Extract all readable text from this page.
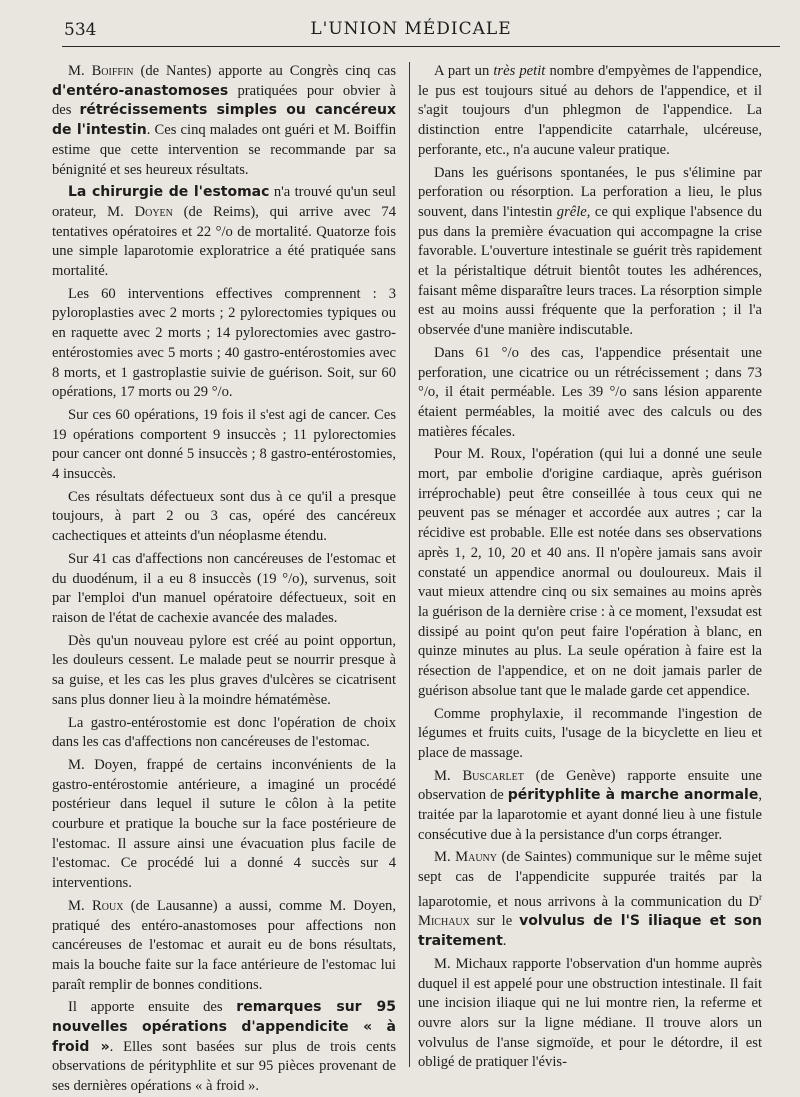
534	L'UNION MÉDICALE

M. Boiffin (de Nantes) apporte au Congrès cinq cas d'entéro-anastomoses pratiquées pour obvier à des rétrécissements simples ou cancéreux de l'intestin. Ces cinq malades ont guéri et M. Boiffin estime que cette intervention se recommande par sa bénignité et ses heureux résultats.

La chirurgie de l'estomac n'a trouvé qu'un seul orateur, M. Doyen (de Reims), qui arrive avec 74 tentatives opératoires et 22 °/o de mortalité. Quatorze fois une simple laparotomie exploratrice a été pratiquée sans mortalité.

Les 60 interventions effectives comprennent : 3 pyloroplasties avec 2 morts ; 2 pylorectomies typiques ou en raquette avec 2 morts ; 14 pylorectomies avec gastro-entérostomies avec 5 morts ; 40 gastro-entérostomies avec 8 morts, et 1 gastroplastie suivie de guérison. Soit, sur 60 opérations, 17 morts ou 29 °/o.

Sur ces 60 opérations, 19 fois il s'est agi de cancer. Ces 19 opérations comportent 9 insuccès ; 11 pylorectomies pour cancer ont donné 5 insuccès ; 8 gastro-entérostomies, 4 insuccès.

Ces résultats défectueux sont dus à ce qu'il a presque toujours, à part 2 ou 3 cas, opéré des cancéreux cachectiques et atteints d'un néoplasme étendu.

Sur 41 cas d'affections non cancéreuses de l'estomac et du duodénum, il a eu 8 insuccès (19 °/o), survenus, soit par l'emploi d'un manuel opératoire défectueux, soit en raison de l'état de cachexie avancée des malades.

Dès qu'un nouveau pylore est créé au point opportun, les douleurs cessent. Le malade peut se nourrir presque à sa guise, et les cas les plus graves d'ulcères se cicatrisent sans plus donner lieu à la moindre hématémèse.

La gastro-entérostomie est donc l'opération de choix dans les cas d'affections non cancéreuses de l'estomac.

M. Doyen, frappé de certains inconvénients de la gastro-entérostomie antérieure, a imaginé un procédé postérieur dans lequel il suture le côlon à la petite courbure et pratique la bouche sur la face postérieure de l'estomac. Il assure ainsi une évacuation plus facile de l'estomac. Ce procédé lui a donné 4 succès sur 4 interventions.

M. Roux (de Lausanne) a aussi, comme M. Doyen, pratiqué des entéro-anastomoses pour affections non cancéreuses de l'estomac et aurait eu de bons résultats, mais la bouche faite sur la face antérieure de l'estomac lui paraît remplir de bonnes conditions.

Il apporte ensuite des remarques sur 95 nouvelles opérations d'appendicite « à froid ». Elles sont basées sur plus de trois cents observations de pérityphlite et sur 95 pièces provenant de ses dernières opérations « à froid ».

A part un très petit nombre d'empyèmes de l'appendice, le pus est toujours situé au dehors de l'appendice, et il s'agit toujours d'un phlegmon de l'appendice. La distinction entre l'appendicite catarrhale, ulcéreuse, perforante, etc., n'a aucune valeur pratique.

Dans les guérisons spontanées, le pus s'élimine par perforation ou résorption. La perforation a lieu, le plus souvent, dans l'intestin grêle, ce qui explique l'absence du pus dans la première évacuation qui accompagne la crise favorable. L'ouverture intestinale se guérit très rapidement et la péristaltique détruit bientôt toutes les adhérences, faisant même disparaître leurs traces. La résorption simple est au moins aussi fréquente que la perforation ; il l'a observée d'une manière indiscutable.

Dans 61 °/o des cas, l'appendice présentait une perforation, une cicatrice ou un rétrécissement ; dans 73 °/o, il était perméable. Les 39 °/o sans lésion apparente étaient perméables, la moitié avec des calculs ou des matières fécales.

Pour M. Roux, l'opération (qui lui a donné une seule mort, par embolie d'origine cardiaque, après guérison irréprochable) peut être conseillée à tous ceux qui ne peuvent pas se ménager et accordée aux autres ; car la récidive est probable. Elle est notée dans ses observations après 1, 2, 10, 20 et 40 ans. Il n'opère jamais sans avoir constaté un appendice anormal ou douloureux. Mais il vaut mieux attendre cinq ou six semaines au moins après la guérison de la dernière crise : à ce moment, l'exsudat est dissipé au point qu'on peut faire l'opération à blanc, en quinze minutes au plus. La seule opération à faire est la résection de l'appendice, et on ne doit jamais parler de guérison absolue tant que le malade garde cet appendice.

Comme prophylaxie, il recommande l'ingestion de légumes et fruits cuits, l'usage de la bicyclette en lieu et place de massage.

M. Buscarlet (de Genève) rapporte ensuite une observation de pérityphlite à marche anormale, traitée par la laparotomie et ayant donné lieu à une fistule consécutive due à la persistance d'un corps étranger.

M. Mauny (de Saintes) communique sur le même sujet sept cas de l'appendicite suppurée traités par la laparotomie, et nous arrivons à la communication du $D^r$ Michaux sur le volvulus de l'S iliaque et son traitement.

M. Michaux rapporte l'observation d'un homme auprès duquel il est appelé pour une obstruction intestinale. Il fait une incision iliaque qui ne lui montre rien, la referme et ouvre alors sur la ligne médiane. Il trouve alors un volvulus de l'anse sigmoïde, et pour le détordre, il est obligé de pratiquer l'évis-
